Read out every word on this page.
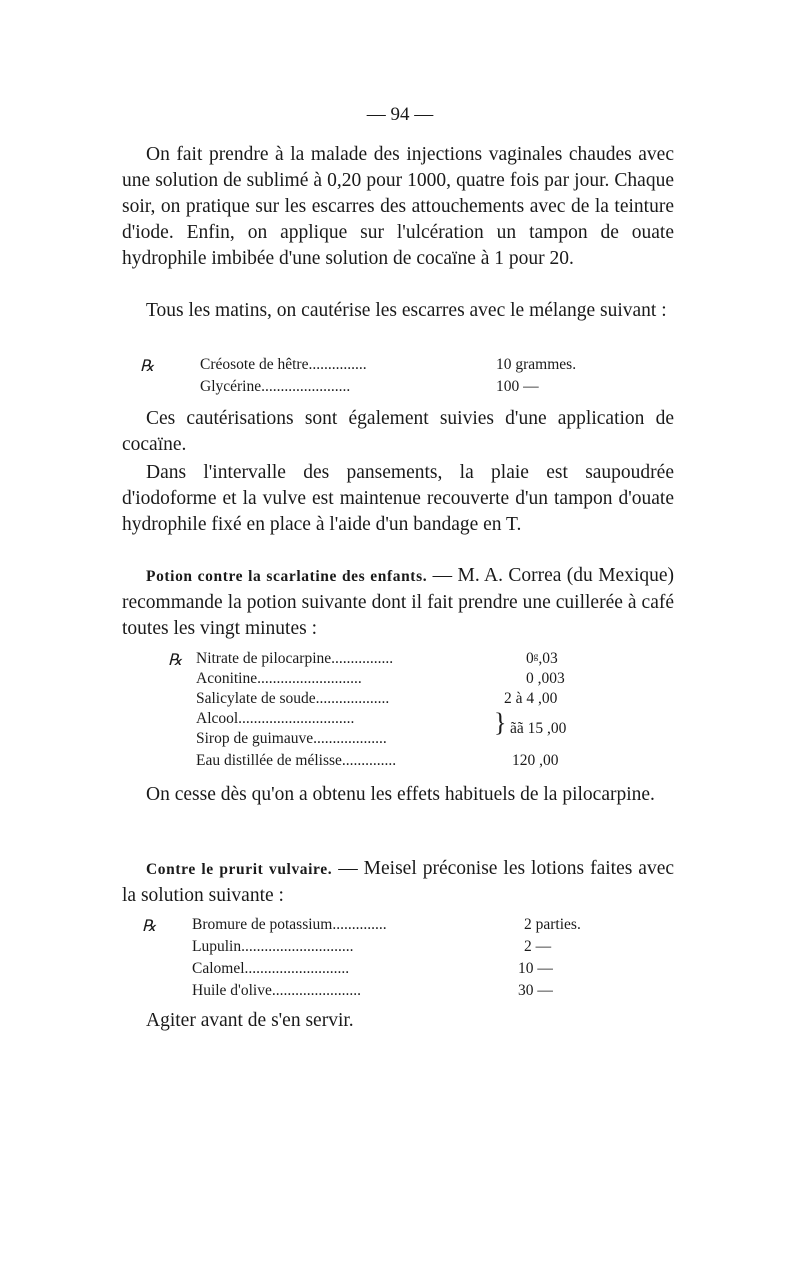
— 94 —

On fait prendre à la malade des injections vaginales chaudes avec une solution de sublimé à 0,20 pour 1000, quatre fois par jour. Chaque soir, on pratique sur les escarres des attouchements avec de la teinture d'iode. Enfin, on applique sur l'ulcération un tampon de ouate hydrophile imbibée d'une solution de cocaïne à 1 pour 20.

Tous les matins, on cautérise les escarres avec le mélange suivant :

℞	Créosote de hêtre...............	10 grammes.
Glycérine.......................	100 —

Ces cautérisations sont également suivies d'une application de cocaïne.

Dans l'intervalle des pansements, la plaie est saupoudrée d'iodoforme et la vulve est maintenue recouverte d'un tampon d'ouate hydrophile fixé en place à l'aide d'un bandage en T.

Potion contre la scarlatine des enfants. — M. A. Correa (du Mexique) recommande la potion suivante dont il fait prendre une cuillerée à café toutes les vingt minutes :

℞ Nitrate de pilocarpine................	0ᵍ,03
Aconitine...........................	0 ,003
Salicylate de soude...................	2 à 4 ,00
Alcool..............................
Sirop de guimauve...................
} ãã 15 ,00
Eau distillée de mélisse..............	120 ,00

On cesse dès qu'on a obtenu les effets habituels de la pilocarpine.

Contre le prurit vulvaire. — Meisel préconise les lotions faites avec la solution suivante :

℞ Bromure de potassium..............	2 parties.
Lupulin.............................	2 —
Calomel...........................	10 —
Huile d'olive.......................	30 —

Agiter avant de s'en servir.
